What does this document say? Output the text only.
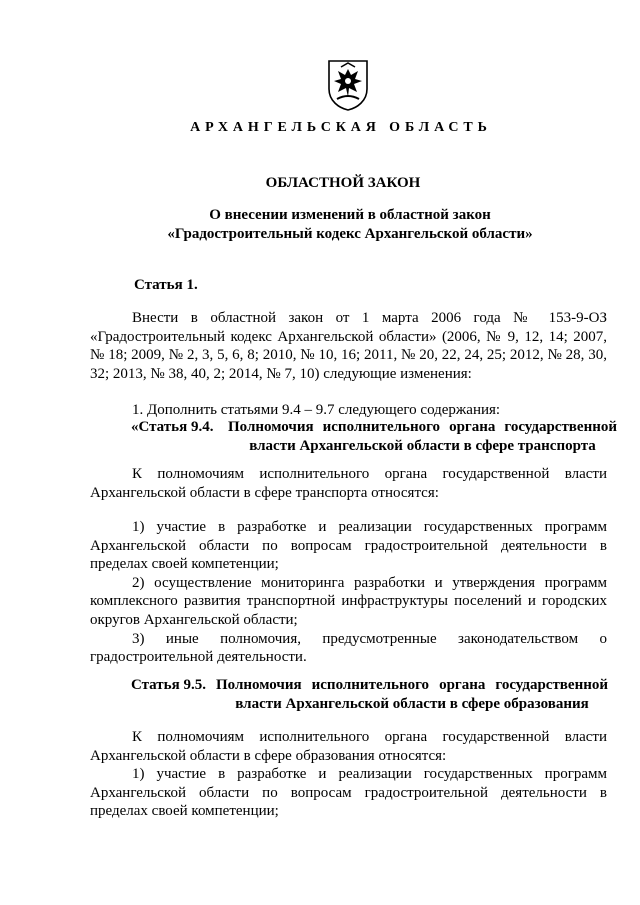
АРХАНГЕЛЬСКАЯ ОБЛАСТЬ
ОБЛАСТНОЙ ЗАКОН
О внесении изменений в областной закон
«Градостроительный кодекс Архангельской области»
Статья 1.

Внести в областной закон от 1 марта 2006 года № 153-9-ОЗ «Градостроительный кодекс Архангельской области» (2006, № 9, 12, 14; 2007, № 18; 2009, № 2, 3, 5, 6, 8; 2010, № 10, 16; 2011, № 20, 22, 24, 25; 2012, № 28, 30, 32; 2013, № 38, 40, 2; 2014, № 7, 10) следующие изменения:

1. Дополнить статьями 9.4 – 9.7 следующего содержания:

«Статья 9.4. Полномочия исполнительного органа государственной власти Архангельской области в сфере транспорта

К полномочиям исполнительного органа государственной власти Архангельской области в сфере транспорта относятся:

1) участие в разработке и реализации государственных программ Архангельской области по вопросам градостроительной деятельности в пределах своей компетенции;

2) осуществление мониторинга разработки и утверждения программ комплексного развития транспортной инфраструктуры поселений и городских округов Архангельской области;

3) иные полномочия, предусмотренные законодательством о градостроительной деятельности.

Статья 9.5. Полномочия исполнительного органа государственной власти Архангельской области в сфере образования

К полномочиям исполнительного органа государственной власти Архангельской области в сфере образования относятся:

1) участие в разработке и реализации государственных программ Архангельской области по вопросам градостроительной деятельности в пределах своей компетенции;
